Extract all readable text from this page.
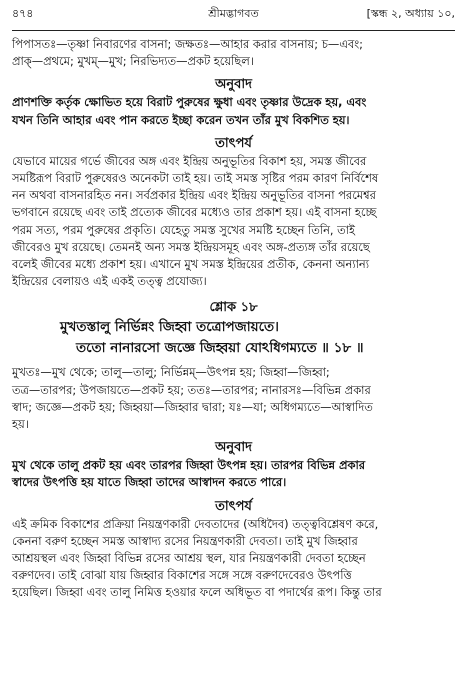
৪৭৪	শ্রীমদ্ভাগবত	[স্কন্ধ ২, অধ্যায় ১০,

পিপাসতঃ—তৃষ্ণা নিবারণের বাসনা; জক্ষতঃ—আহার করার বাসনায়; চ—এবং;

প্রাক্—প্রথমে; মুখম্—মুখ; নিরভিদ্যত—প্রকট হয়েছিল।

অনুবাদ

প্রাণশক্তি কর্তৃক ক্ষোভিত হয়ে বিরাট পুরুষের ক্ষুধা এবং তৃষ্ণার উদ্রেক হয়, এবং

যখন তিনি আহার এবং পান করতে ইচ্ছা করেন তখন তাঁর মুখ বিকশিত হয়।

তাৎপর্য

যেভাবে মায়ের গর্ভে জীবের অঙ্গ এবং ইন্দ্রিয় অনুভূতির বিকাশ হয়, সমস্ত জীবের

সমষ্টিরূপ বিরাট পুরুষেরও অনেকটা তাই হয়। তাই সমস্ত সৃষ্টির পরম কারণ নির্বিশেষ

নন অথবা বাসনারহিত নন। সর্বপ্রকার ইন্দ্রিয় এবং ইন্দ্রিয় অনুভূতির বাসনা পরমেশ্বর

ভগবানে রয়েছে এবং তাই প্রত্যেক জীবের মধ্যেও তার প্রকাশ হয়। এই বাসনা হচ্ছে

পরম সত্য, পরম পুরুষের প্রকৃতি। যেহেতু সমস্ত সুখের সমষ্টি হচ্ছেন তিনি, তাই

জীবেরও মুখ রয়েছে। তেমনই অন্য সমস্ত ইন্দ্রিয়সমূহ এবং অঙ্গ-প্রত্যঙ্গ তাঁর রয়েছে

বলেই জীবের মধ্যে প্রকাশ হয়। এখানে মুখ সমস্ত ইন্দ্রিয়ের প্রতীক, কেননা অন্যান্য

ইন্দ্রিয়ের বেলায়ও এই একই তত্ত্ব প্রযোজ্য।

শ্লোক ১৮

মুখতস্তালু নির্ভিন্নং জিহ্বা তত্রোপজায়তে।

ততো নানারসো জজ্ঞে জিহ্বয়া যোঽধিগম্যতে ॥ ১৮ ॥

মুখতঃ—মুখ থেকে; তালু—তালু; নির্ভিন্নম্—উৎপন্ন হয়; জিহ্বা—জিহ্বা;

তত্র—তারপর; উপজায়তে—প্রকট হয়; ততঃ—তারপর; নানারসঃ—বিভিন্ন প্রকার

স্বাদ; জজ্ঞে—প্রকট হয়; জিহ্বয়া—জিহ্বার দ্বারা; যঃ—যা; অধিগম্যতে—আস্বাদিত

হয়।

অনুবাদ

মুখ থেকে তালু প্রকট হয় এবং তারপর জিহ্বা উৎপন্ন হয়। তারপর বিভিন্ন প্রকার

স্বাদের উৎপত্তি হয় যাতে জিহ্বা তাদের আস্বাদন করতে পারে।

তাৎপর্য

এই ক্রমিক বিকাশের প্রক্রিয়া নিয়ন্ত্রণকারী দেবতাদের (অধিদৈব) তত্ত্ববিশ্লেষণ করে,

কেননা বরুণ হচ্ছেন সমস্ত আস্বাদ্য রসের নিয়ন্ত্রণকারী দেবতা। তাই মুখ জিহ্বার

আশ্রয়স্থল এবং জিহ্বা বিভিন্ন রসের আশ্রয় স্থল, যার নিয়ন্ত্রণকারী দেবতা হচ্ছেন

বরুণদেব। তাই বোঝা যায় জিহ্বার বিকাশের সঙ্গে সঙ্গে বরুণদেবেরও উৎপত্তি

হয়েছিল। জিহ্বা এবং তালু নিমিত্ত হওয়ার ফলে অধিভূত বা পদার্থের রূপ। কিন্তু তার
